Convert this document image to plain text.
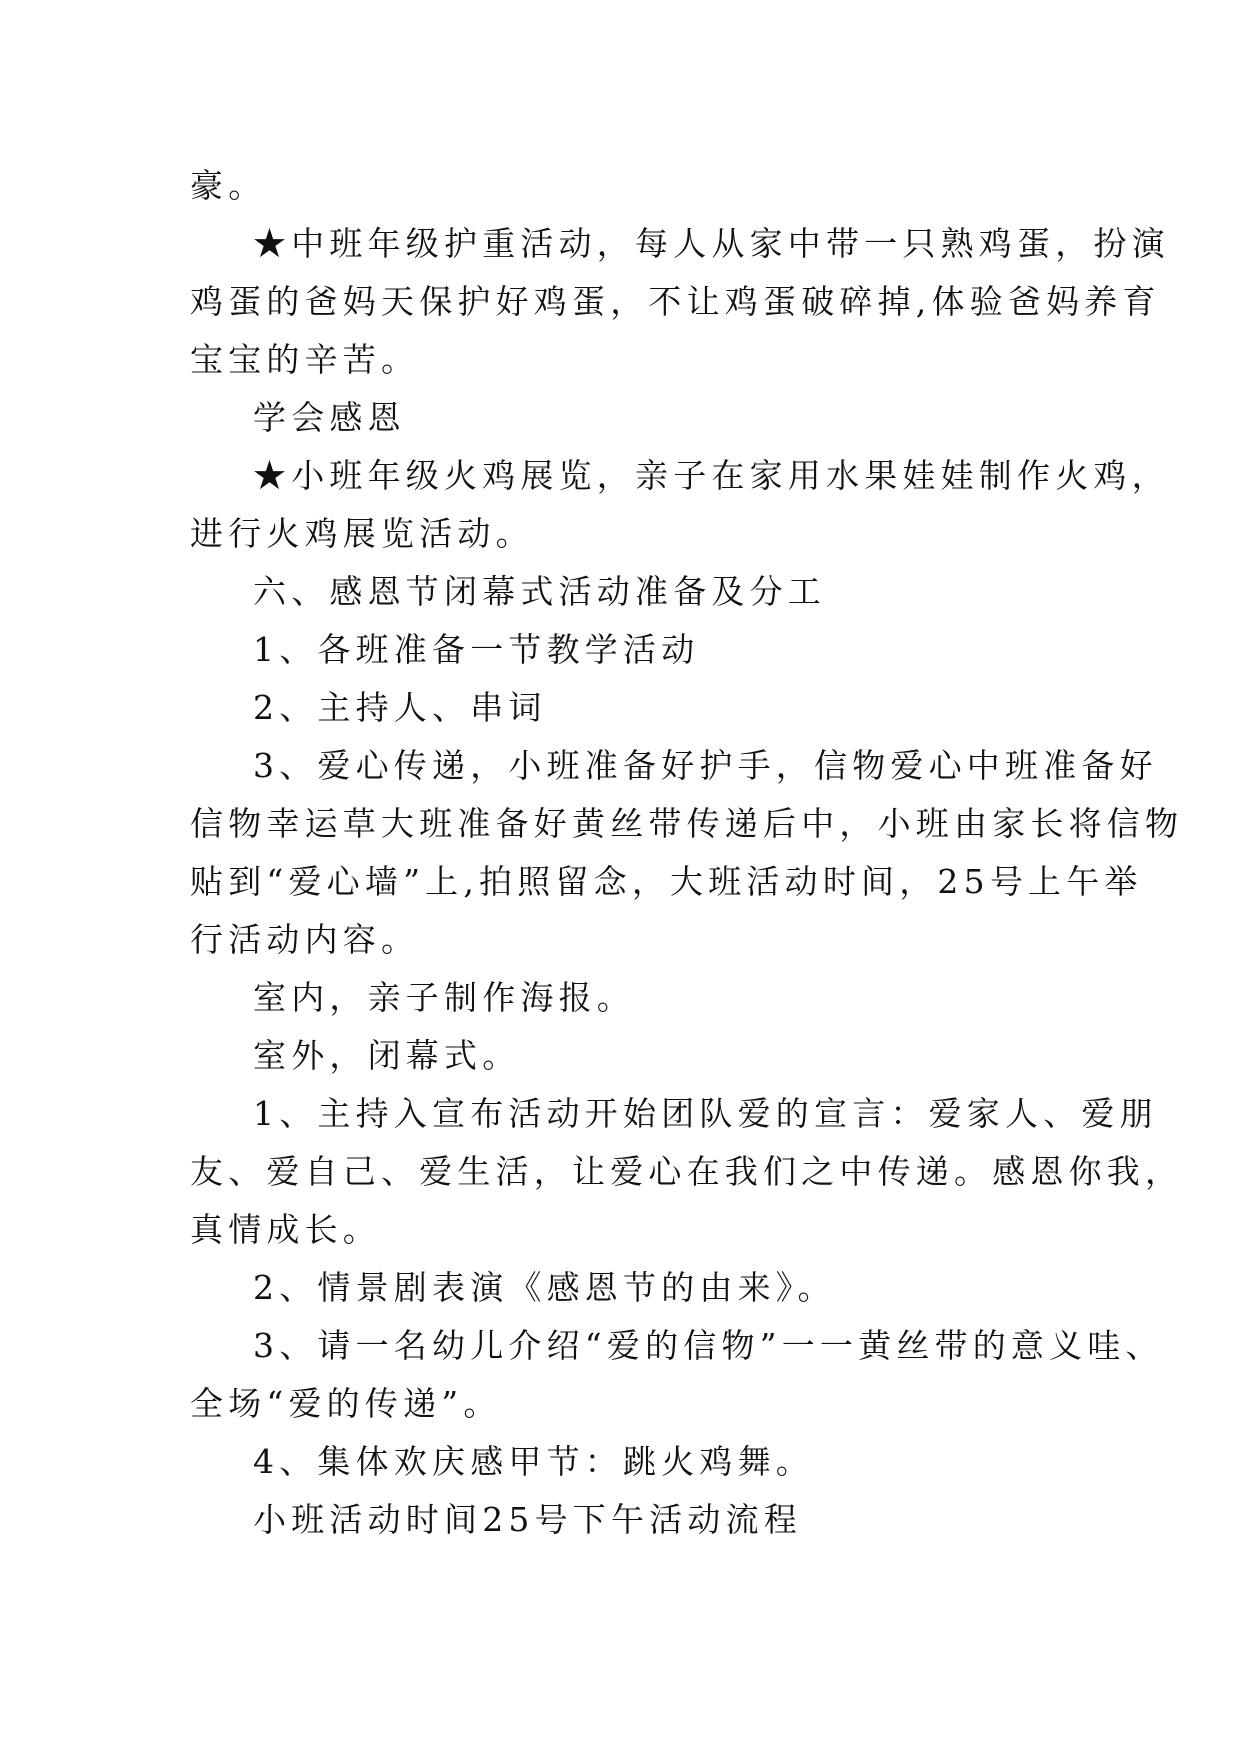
豪。
★中班年级护重活动，每人从家中带一只熟鸡蛋，扮演
鸡蛋的爸妈天保护好鸡蛋，不让鸡蛋破碎掉,体验爸妈养育
宝宝的辛苦。
学会感恩
★小班年级火鸡展览，亲子在家用水果娃娃制作火鸡，
进行火鸡展览活动。
六、感恩节闭幕式活动准备及分工
1、各班准备一节教学活动
2、主持人、串词
3、爱心传递，小班准备好护手，信物爱心中班准备好
信物幸运草大班准备好黄丝带传递后中，小班由家长将信物
贴到“爱心墙”上,拍照留念，大班活动时间，25号上午举
行活动内容。
室内，亲子制作海报。
室外，闭幕式。
1、主持入宣布活动开始团队爱的宣言：爱家人、爱朋
友、爱自己、爱生活，让爱心在我们之中传递。感恩你我，
真情成长。
2、情景剧表演《感恩节的由来》。
3、请一名幼儿介绍“爱的信物”一一黄丝带的意义哇、
全场“爱的传递”。
4、集体欢庆感甲节：跳火鸡舞。
小班活动时间25号下午活动流程
